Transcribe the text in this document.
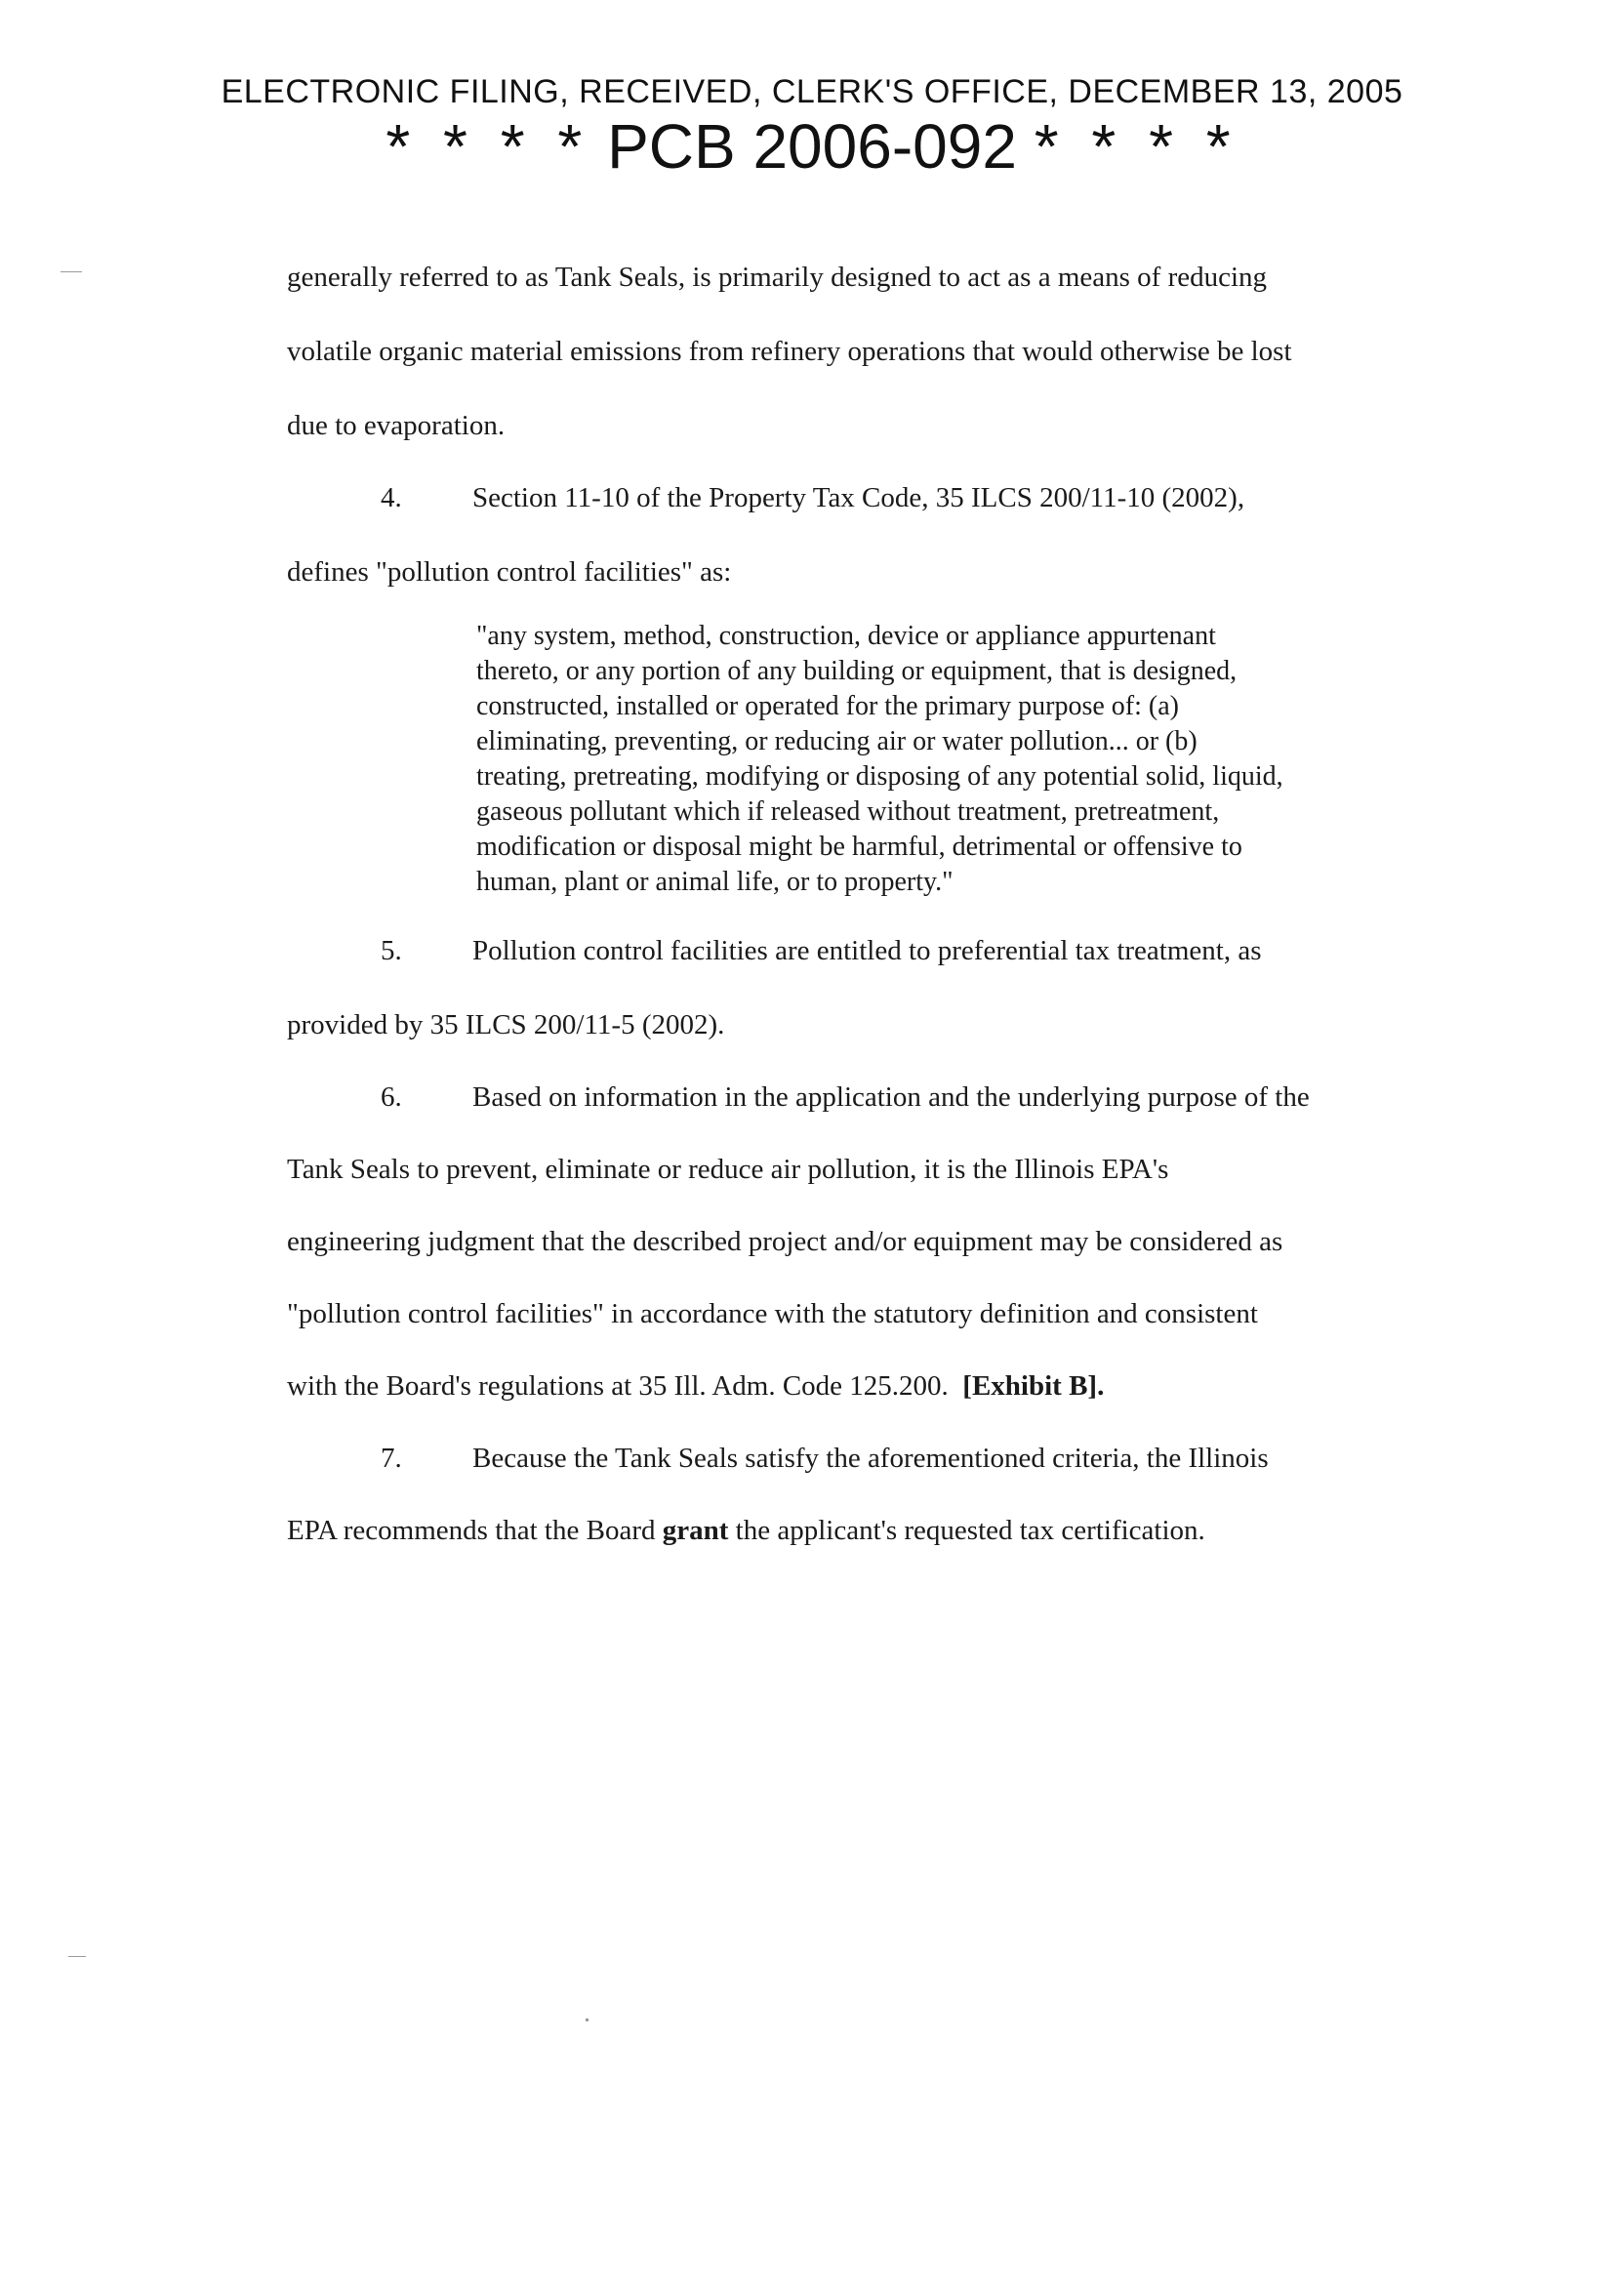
ELECTRONIC FILING, RECEIVED, CLERK'S OFFICE, DECEMBER 13, 2005
* * * * PCB 2006-092 * * * *
generally referred to as Tank Seals, is primarily designed to act as a means of reducing
volatile organic material emissions from refinery operations that would otherwise be lost
due to evaporation.
4. Section 11-10 of the Property Tax Code, 35 ILCS 200/11-10 (2002),
defines "pollution control facilities" as:
"any system, method, construction, device or appliance appurtenant
thereto, or any portion of any building or equipment, that is designed,
constructed, installed or operated for the primary purpose of: (a)
eliminating, preventing, or reducing air or water pollution... or (b)
treating, pretreating, modifying or disposing of any potential solid, liquid,
gaseous pollutant which if released without treatment, pretreatment,
modification or disposal might be harmful, detrimental or offensive to
human, plant or animal life, or to property."
5. Pollution control facilities are entitled to preferential tax treatment, as
provided by 35 ILCS 200/11-5 (2002).
6. Based on information in the application and the underlying purpose of the
Tank Seals to prevent, eliminate or reduce air pollution, it is the Illinois EPA's
engineering judgment that the described project and/or equipment may be considered as
"pollution control facilities" in accordance with the statutory definition and consistent
with the Board's regulations at 35 Ill. Adm. Code 125.200. [Exhibit B].
7. Because the Tank Seals satisfy the aforementioned criteria, the Illinois
EPA recommends that the Board grant the applicant's requested tax certification.
